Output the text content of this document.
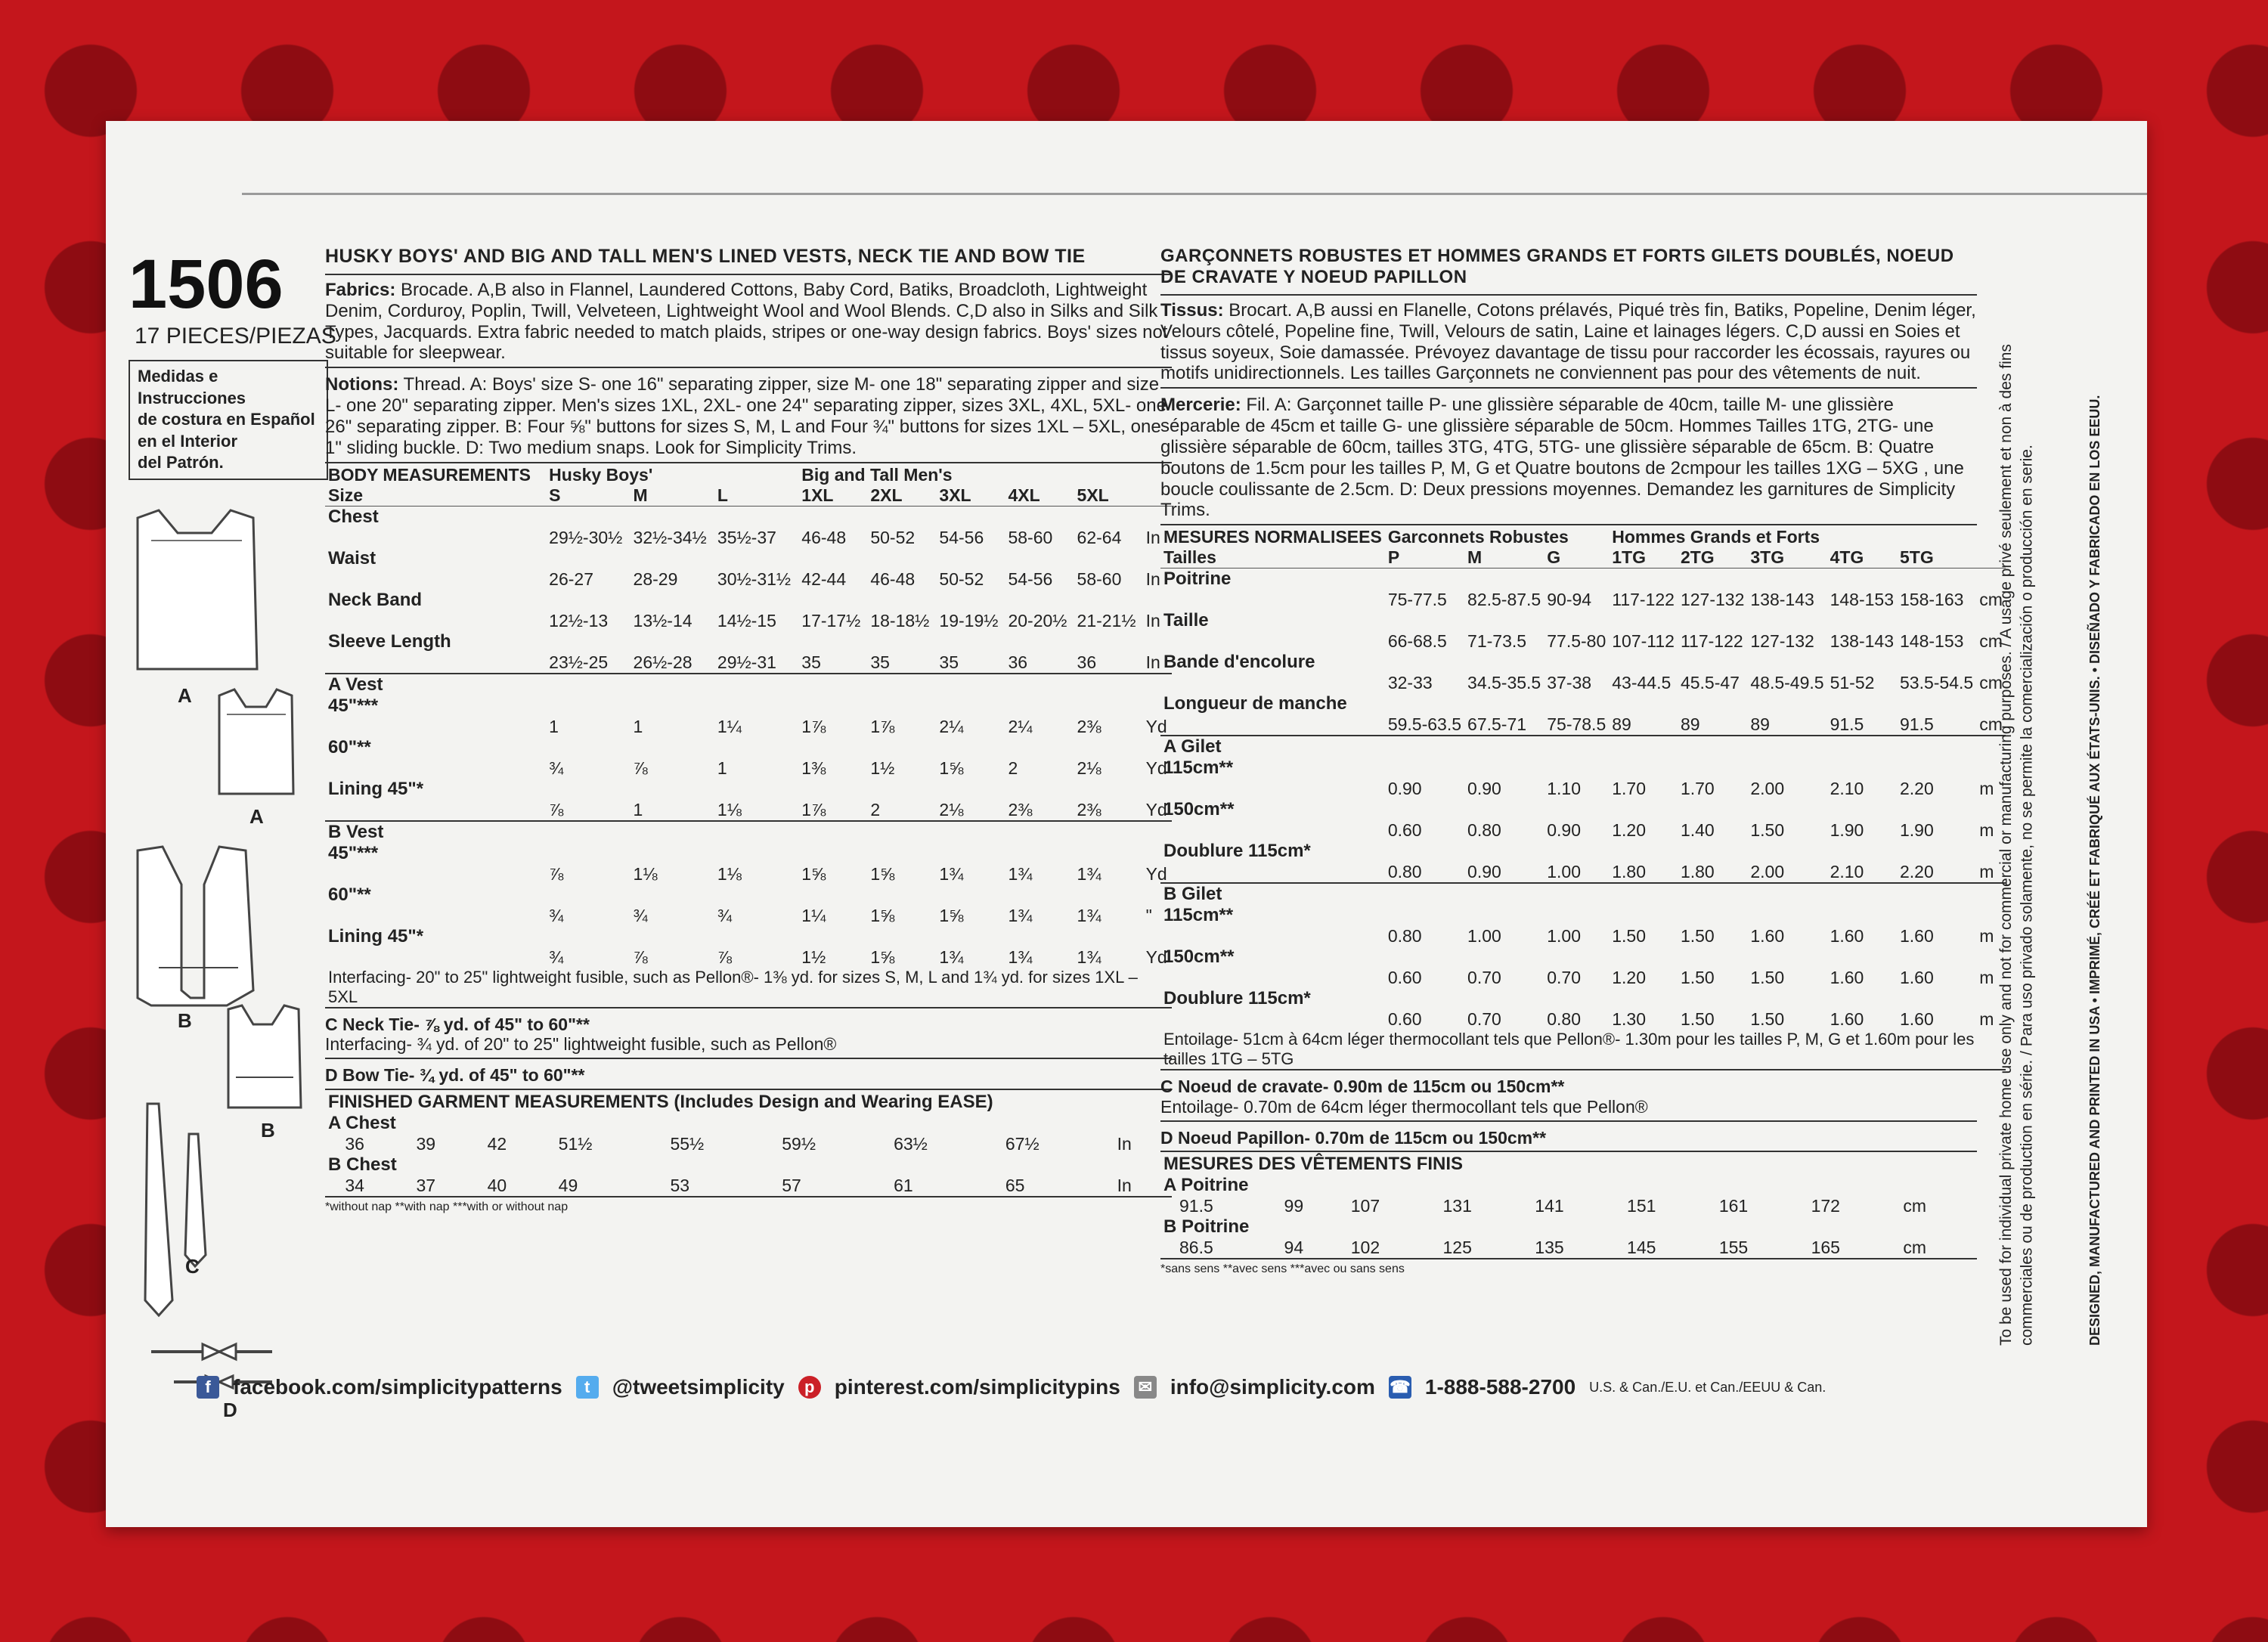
1506
17 PIECES/PIEZAS
Medidas e Instrucciones
de costura en Español
en el Interior
del Patrón.
A
A
B
B
C
D
HUSKY BOYS' AND BIG AND TALL MEN'S LINED VESTS, NECK TIE AND BOW TIE
Fabrics: Brocade. A,B also in Flannel, Laundered Cottons, Baby Cord, Batiks, Broadcloth, Lightweight Denim, Corduroy, Poplin, Twill, Velveteen, Lightweight Wool and Wool Blends. C,D also in Silks and Silk Types, Jacquards. Extra fabric needed to match plaids, stripes or one-way design fabrics. Boys' sizes not suitable for sleepwear.
Notions: Thread. A: Boys' size S- one 16" separating zipper, size M- one 18" separating zipper and size L- one 20" separating zipper. Men's sizes 1XL, 2XL- one 24" separating zipper, sizes 3XL, 4XL, 5XL- one 26" separating zipper. B: Four ⅝" buttons for sizes S, M, L and Four ¾" buttons for sizes 1XL – 5XL, one 1" sliding buckle. D: Two medium snaps. Look for Simplicity Trims.
BODY MEASUREMENTS	Husky Boys'			Big and Tall Men's					
Size	S	M	L	1XL	2XL	3XL	4XL	5XL	
Chest									
	29½-30½	32½-34½	35½-37	46-48	50-52	54-56	58-60	62-64	In
Waist									
	26-27	28-29	30½-31½	42-44	46-48	50-52	54-56	58-60	In
Neck Band									
	12½-13	13½-14	14½-15	17-17½	18-18½	19-19½	20-20½	21-21½	In
Sleeve Length									
	23½-25	26½-28	29½-31	35	35	35	36	36	In
A Vest									
45"***									
	1	1	1¼	1⅞	1⅞	2¼	2¼	2⅜	Yd
60"**									
	¾	⅞	1	1⅜	1½	1⅝	2	2⅛	Yd
Lining 45"*									
	⅞	1	1⅛	1⅞	2	2⅛	2⅜	2⅜	Yd
B Vest									
45"***									
	⅞	1⅛	1⅛	1⅝	1⅝	1¾	1¾	1¾	Yd
60"**									
	¾	¾	¾	1¼	1⅝	1⅝	1¾	1¾	"
Lining 45"*									
	¾	⅞	⅞	1½	1⅝	1¾	1¾	1¾	Yd
Interfacing- 20" to 25" lightweight fusible, such as Pellon®- 1⅜ yd. for sizes S, M, L and 1¾ yd. for sizes 1XL – 5XL									
C Neck Tie- ⅞ yd. of 45" to 60"**
Interfacing- ¾ yd. of 20" to 25" lightweight fusible, such as Pellon®
D Bow Tie- ¾ yd. of 45" to 60"**
FINISHED GARMENT MEASUREMENTS (Includes Design and Wearing EASE)									
A Chest									
	36	39	42	51½	55½	59½	63½	67½	In
B Chest									
	34	37	40	49	53	57	61	65	In
*without nap **with nap ***with or without nap
GARÇONNETS ROBUSTES ET HOMMES GRANDS ET FORTS GILETS DOUBLÉS, NOEUD DE CRAVATE Y NOEUD PAPILLON
Tissus: Brocart. A,B aussi en Flanelle, Cotons prélavés, Piqué très fin, Batiks, Popeline, Denim léger, Velours côtelé, Popeline fine, Twill, Velours de satin, Laine et lainages légers. C,D aussi en Soies et tissus soyeux, Soie damassée. Prévoyez davantage de tissu pour raccorder les écossais, rayures ou motifs unidirectionnels. Les tailles Garçonnets ne conviennent pas pour des vêtements de nuit.
Mercerie: Fil. A: Garçonnet taille P- une glissière séparable de 40cm, taille M- une glissière séparable de 45cm et taille G- une glissière séparable de 50cm. Hommes Tailles 1TG, 2TG- une glissière séparable de 60cm, tailles 3TG, 4TG, 5TG- une glissière séparable de 65cm. B: Quatre boutons de 1.5cm pour les tailles P, M, G et Quatre boutons de 2cmpour les tailles 1XG – 5XG , une boucle coulissante de 2.5cm. D: Deux pressions moyennes. Demandez les garnitures de Simplicity Trims.
MESURES NORMALISEES	Garconnets Robustes			Hommes Grands et Forts					
Tailles	P	M	G	1TG	2TG	3TG	4TG	5TG	
Poitrine									
	75-77.5	82.5-87.5	90-94	117-122	127-132	138-143	148-153	158-163	cm
Taille									
	66-68.5	71-73.5	77.5-80	107-112	117-122	127-132	138-143	148-153	cm
Bande d'encolure									
	32-33	34.5-35.5	37-38	43-44.5	45.5-47	48.5-49.5	51-52	53.5-54.5	cm
Longueur de manche									
	59.5-63.5	67.5-71	75-78.5	89	89	89	91.5	91.5	cm
A Gilet									
115cm**									
	0.90	0.90	1.10	1.70	1.70	2.00	2.10	2.20	m
150cm**									
	0.60	0.80	0.90	1.20	1.40	1.50	1.90	1.90	m
Doublure 115cm*									
	0.80	0.90	1.00	1.80	1.80	2.00	2.10	2.20	m
B Gilet									
115cm**									
	0.80	1.00	1.00	1.50	1.50	1.60	1.60	1.60	m
150cm**									
	0.60	0.70	0.70	1.20	1.50	1.50	1.60	1.60	m
Doublure 115cm*									
	0.60	0.70	0.80	1.30	1.50	1.50	1.60	1.60	m
Entoilage- 51cm à 64cm léger thermocollant tels que Pellon®- 1.30m pour les tailles P, M, G et 1.60m pour les tailles 1TG – 5TG									
C Noeud de cravate- 0.90m de 115cm ou 150cm**
Entoilage- 0.70m de 64cm léger thermocollant tels que Pellon®
D Noeud Papillon- 0.70m de 115cm ou 150cm**
MESURES DES VÊTEMENTS FINIS									
A Poitrine									
	91.5	99	107	131	141	151	161	172	cm
B Poitrine									
	86.5	94	102	125	135	145	155	165	cm
*sans sens **avec sens ***avec ou sans sens	To be used for individual private home use only and not for commercial or manufacturing purposes. / A usage privé seulement et non à des fins commerciales ou de production en série. / Para uso privado solamente, no se permite la comercialización o producción en serie.	DESIGNED, MANUFACTURED AND PRINTED IN USA • IMPRIMÉ, CRÉÉ ET FABRIQUÉ AUX ÉTATS-UNIS. • DISEÑADO Y FABRICADO EN LOS EEUU.
f	facebook.com/simplicitypatterns	t	@tweetsimplicity	p pinterest.com/simplicitypins ✉ info@simplicity.com ☎ 1-888-588-2700 U.S. & Can./E.U. et Can./EEUU & Can.
